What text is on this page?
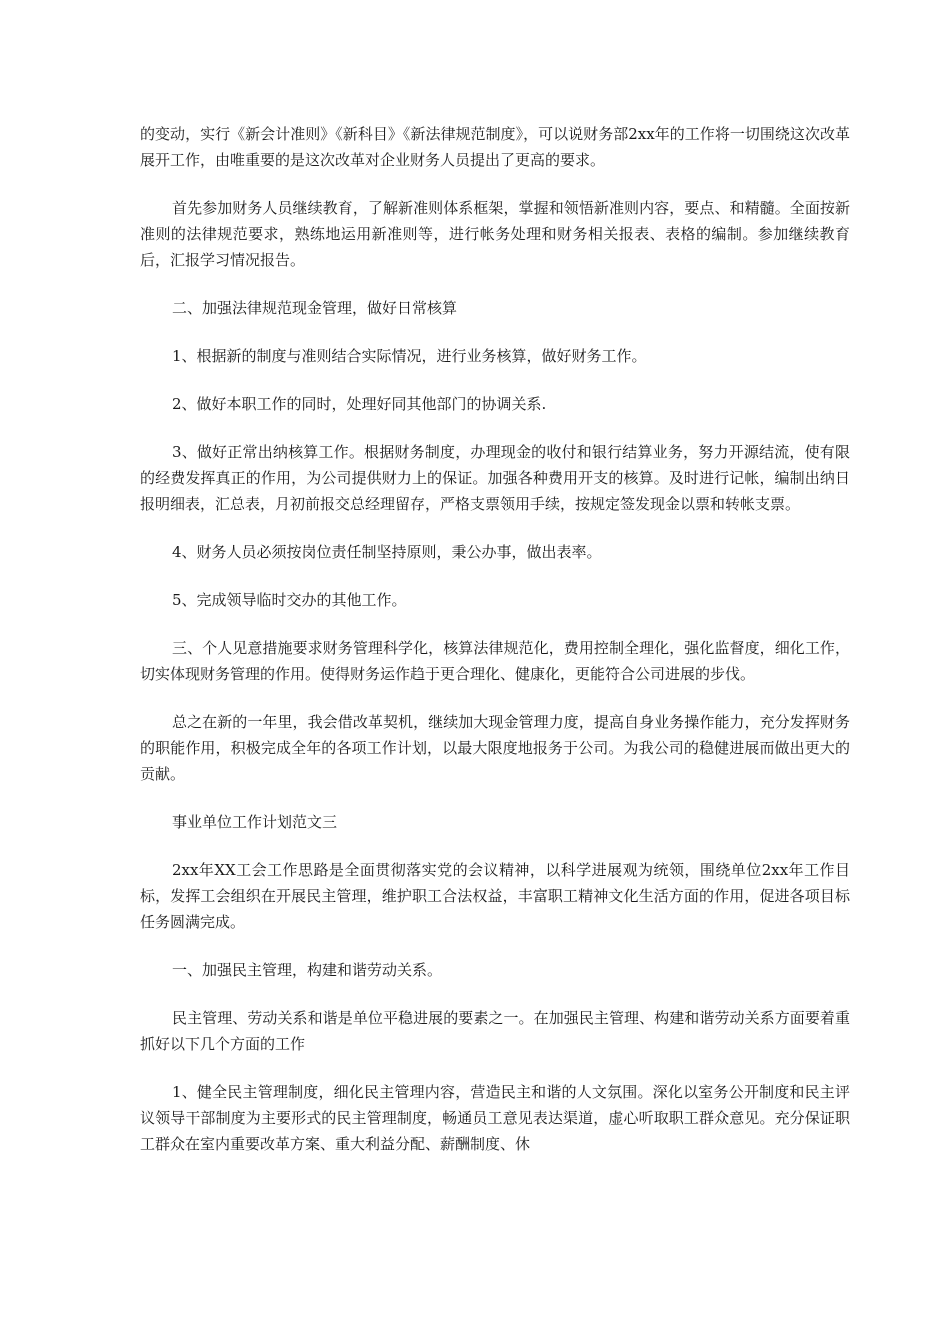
的变动，实行《新会计准则》《新科目》《新法律规范制度》，可以说财务部2xx年的工作将一切围绕这次改革展开工作，由唯重要的是这次改革对企业财务人员提出了更高的要求。

首先参加财务人员继续教育，了解新准则体系框架，掌握和领悟新准则内容，要点、和精髓。全面按新准则的法律规范要求，熟练地运用新准则等，进行帐务处理和财务相关报表、表格的编制。参加继续教育后，汇报学习情况报告。

二、加强法律规范现金管理，做好日常核算

1、根据新的制度与准则结合实际情况，进行业务核算，做好财务工作。

2、做好本职工作的同时，处理好同其他部门的协调关系.

3、做好正常出纳核算工作。根据财务制度，办理现金的收付和银行结算业务，努力开源结流，使有限的经费发挥真正的作用，为公司提供财力上的保证。加强各种费用开支的核算。及时进行记帐，编制出纳日报明细表，汇总表，月初前报交总经理留存，严格支票领用手续，按规定签发现金以票和转帐支票。

4、财务人员必须按岗位责任制坚持原则，秉公办事，做出表率。

5、完成领导临时交办的其他工作。

三、个人见意措施要求财务管理科学化，核算法律规范化，费用控制全理化，强化监督度，细化工作，切实体现财务管理的作用。使得财务运作趋于更合理化、健康化，更能符合公司进展的步伐。

总之在新的一年里，我会借改革契机，继续加大现金管理力度，提高自身业务操作能力，充分发挥财务的职能作用，积极完成全年的各项工作计划，以最大限度地报务于公司。为我公司的稳健进展而做出更大的贡献。

事业单位工作计划范文三

2xx年XX工会工作思路是全面贯彻落实党的会议精神，以科学进展观为统领，围绕单位2xx年工作目标，发挥工会组织在开展民主管理，维护职工合法权益，丰富职工精神文化生活方面的作用，促进各项目标任务圆满完成。

一、加强民主管理，构建和谐劳动关系。

民主管理、劳动关系和谐是单位平稳进展的要素之一。在加强民主管理、构建和谐劳动关系方面要着重抓好以下几个方面的工作

1、健全民主管理制度，细化民主管理内容，营造民主和谐的人文氛围。深化以室务公开制度和民主评议领导干部制度为主要形式的民主管理制度，畅通员工意见表达渠道，虚心听取职工群众意见。充分保证职工群众在室内重要改革方案、重大利益分配、薪酬制度、休
